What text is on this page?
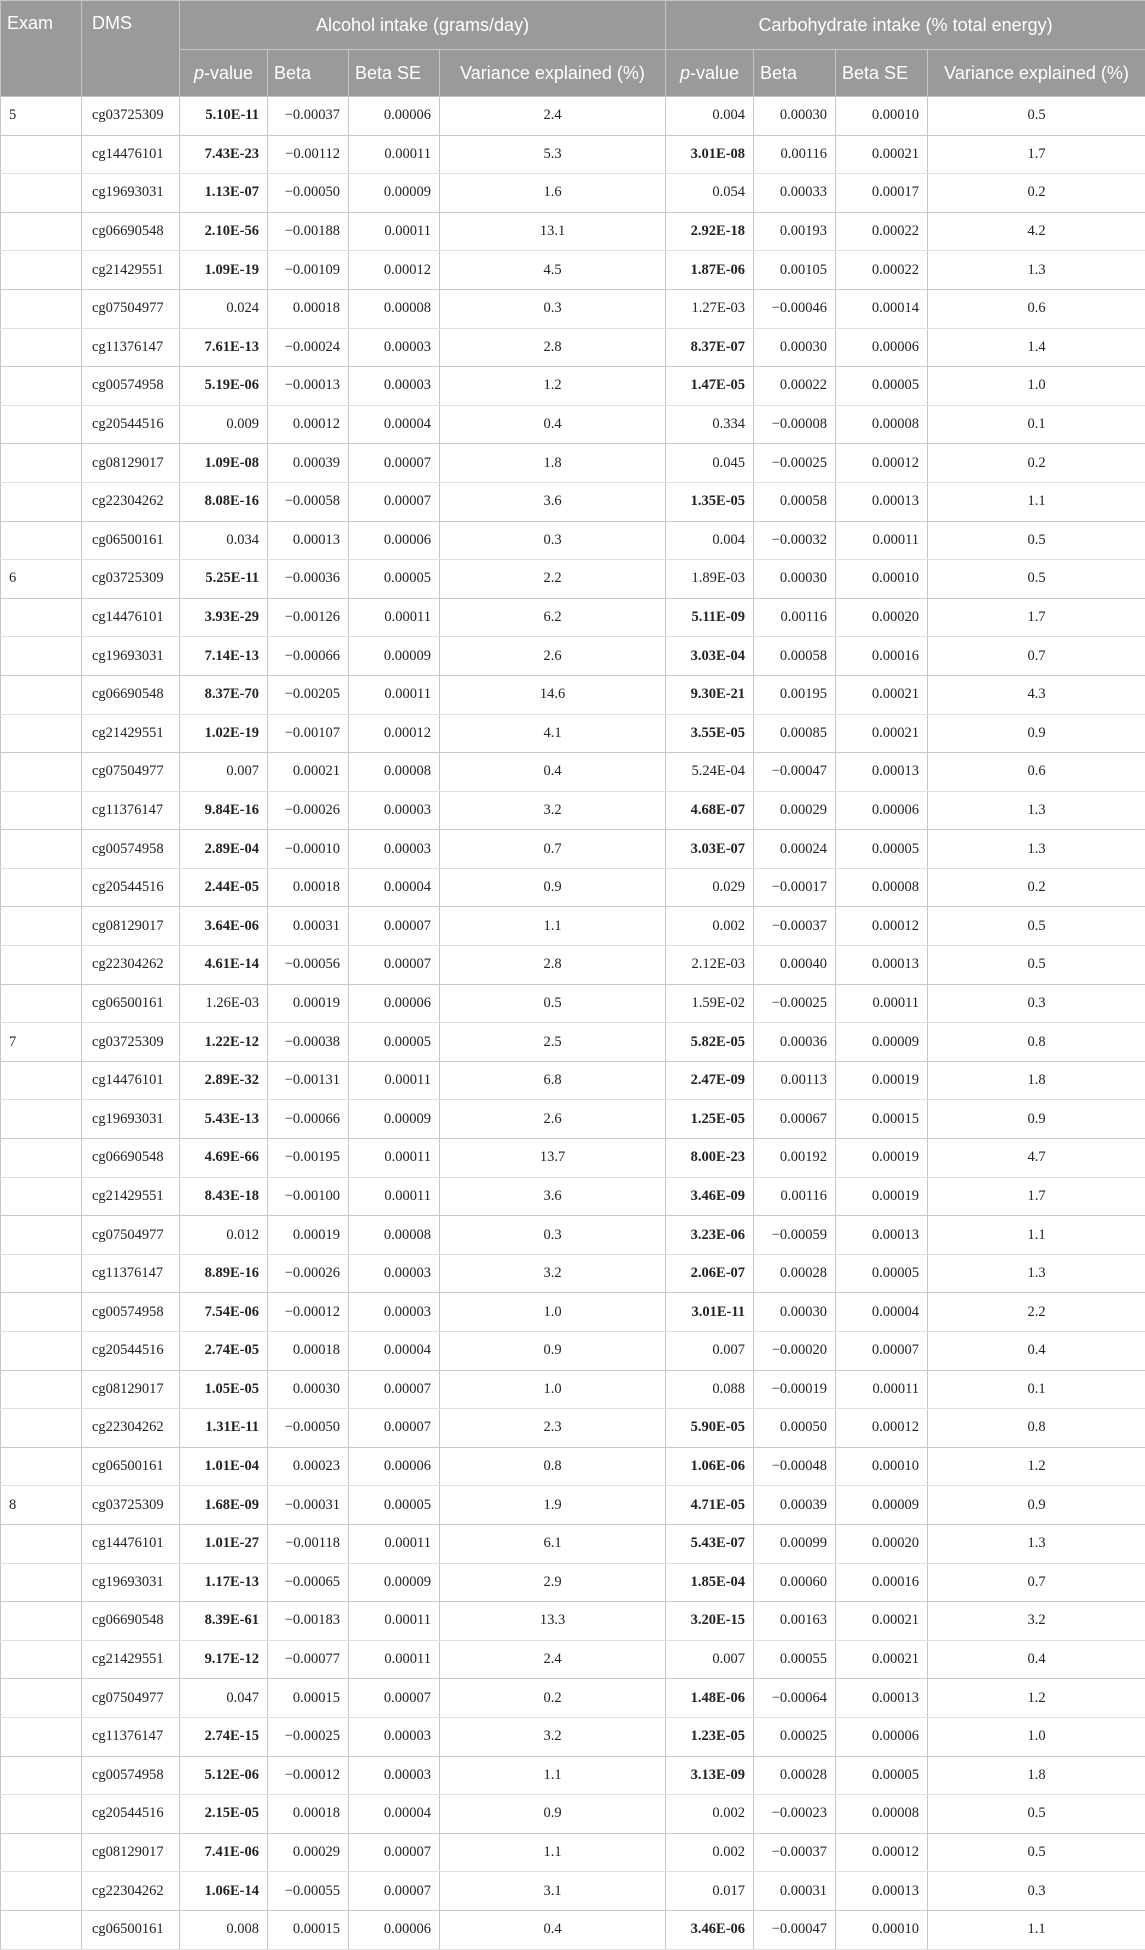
Exam	DMS	Alcohol intake (grams/day)				Carbohydrate intake (% total energy)			
		p-value	Beta	Beta SE	Variance explained (%)	p-value	Beta	Beta SE	Variance explained (%)
5	cg03725309	5.10E-11	−0.00037	0.00006	2.4	0.004	0.00030	0.00010	0.5
	cg14476101	7.43E-23	−0.00112	0.00011	5.3	3.01E-08	0.00116	0.00021	1.7
	cg19693031	1.13E-07	−0.00050	0.00009	1.6	0.054	0.00033	0.00017	0.2
	cg06690548	2.10E-56	−0.00188	0.00011	13.1	2.92E-18	0.00193	0.00022	4.2
	cg21429551	1.09E-19	−0.00109	0.00012	4.5	1.87E-06	0.00105	0.00022	1.3
	cg07504977	0.024	0.00018	0.00008	0.3	1.27E-03	−0.00046	0.00014	0.6
	cg11376147	7.61E-13	−0.00024	0.00003	2.8	8.37E-07	0.00030	0.00006	1.4
	cg00574958	5.19E-06	−0.00013	0.00003	1.2	1.47E-05	0.00022	0.00005	1.0
	cg20544516	0.009	0.00012	0.00004	0.4	0.334	−0.00008	0.00008	0.1
	cg08129017	1.09E-08	0.00039	0.00007	1.8	0.045	−0.00025	0.00012	0.2
	cg22304262	8.08E-16	−0.00058	0.00007	3.6	1.35E-05	0.00058	0.00013	1.1
	cg06500161	0.034	0.00013	0.00006	0.3	0.004	−0.00032	0.00011	0.5
6	cg03725309	5.25E-11	−0.00036	0.00005	2.2	1.89E-03	0.00030	0.00010	0.5
	cg14476101	3.93E-29	−0.00126	0.00011	6.2	5.11E-09	0.00116	0.00020	1.7
	cg19693031	7.14E-13	−0.00066	0.00009	2.6	3.03E-04	0.00058	0.00016	0.7
	cg06690548	8.37E-70	−0.00205	0.00011	14.6	9.30E-21	0.00195	0.00021	4.3
	cg21429551	1.02E-19	−0.00107	0.00012	4.1	3.55E-05	0.00085	0.00021	0.9
	cg07504977	0.007	0.00021	0.00008	0.4	5.24E-04	−0.00047	0.00013	0.6
	cg11376147	9.84E-16	−0.00026	0.00003	3.2	4.68E-07	0.00029	0.00006	1.3
	cg00574958	2.89E-04	−0.00010	0.00003	0.7	3.03E-07	0.00024	0.00005	1.3
	cg20544516	2.44E-05	0.00018	0.00004	0.9	0.029	−0.00017	0.00008	0.2
	cg08129017	3.64E-06	0.00031	0.00007	1.1	0.002	−0.00037	0.00012	0.5
	cg22304262	4.61E-14	−0.00056	0.00007	2.8	2.12E-03	0.00040	0.00013	0.5
	cg06500161	1.26E-03	0.00019	0.00006	0.5	1.59E-02	−0.00025	0.00011	0.3
7	cg03725309	1.22E-12	−0.00038	0.00005	2.5	5.82E-05	0.00036	0.00009	0.8
	cg14476101	2.89E-32	−0.00131	0.00011	6.8	2.47E-09	0.00113	0.00019	1.8
	cg19693031	5.43E-13	−0.00066	0.00009	2.6	1.25E-05	0.00067	0.00015	0.9
	cg06690548	4.69E-66	−0.00195	0.00011	13.7	8.00E-23	0.00192	0.00019	4.7
	cg21429551	8.43E-18	−0.00100	0.00011	3.6	3.46E-09	0.00116	0.00019	1.7
	cg07504977	0.012	0.00019	0.00008	0.3	3.23E-06	−0.00059	0.00013	1.1
	cg11376147	8.89E-16	−0.00026	0.00003	3.2	2.06E-07	0.00028	0.00005	1.3
	cg00574958	7.54E-06	−0.00012	0.00003	1.0	3.01E-11	0.00030	0.00004	2.2
	cg20544516	2.74E-05	0.00018	0.00004	0.9	0.007	−0.00020	0.00007	0.4
	cg08129017	1.05E-05	0.00030	0.00007	1.0	0.088	−0.00019	0.00011	0.1
	cg22304262	1.31E-11	−0.00050	0.00007	2.3	5.90E-05	0.00050	0.00012	0.8
	cg06500161	1.01E-04	0.00023	0.00006	0.8	1.06E-06	−0.00048	0.00010	1.2
8	cg03725309	1.68E-09	−0.00031	0.00005	1.9	4.71E-05	0.00039	0.00009	0.9
	cg14476101	1.01E-27	−0.00118	0.00011	6.1	5.43E-07	0.00099	0.00020	1.3
	cg19693031	1.17E-13	−0.00065	0.00009	2.9	1.85E-04	0.00060	0.00016	0.7
	cg06690548	8.39E-61	−0.00183	0.00011	13.3	3.20E-15	0.00163	0.00021	3.2
	cg21429551	9.17E-12	−0.00077	0.00011	2.4	0.007	0.00055	0.00021	0.4
	cg07504977	0.047	0.00015	0.00007	0.2	1.48E-06	−0.00064	0.00013	1.2
	cg11376147	2.74E-15	−0.00025	0.00003	3.2	1.23E-05	0.00025	0.00006	1.0
	cg00574958	5.12E-06	−0.00012	0.00003	1.1	3.13E-09	0.00028	0.00005	1.8
	cg20544516	2.15E-05	0.00018	0.00004	0.9	0.002	−0.00023	0.00008	0.5
	cg08129017	7.41E-06	0.00029	0.00007	1.1	0.002	−0.00037	0.00012	0.5
	cg22304262	1.06E-14	−0.00055	0.00007	3.1	0.017	0.00031	0.00013	0.3
	cg06500161	0.008	0.00015	0.00006	0.4	3.46E-06	−0.00047	0.00010	1.1
